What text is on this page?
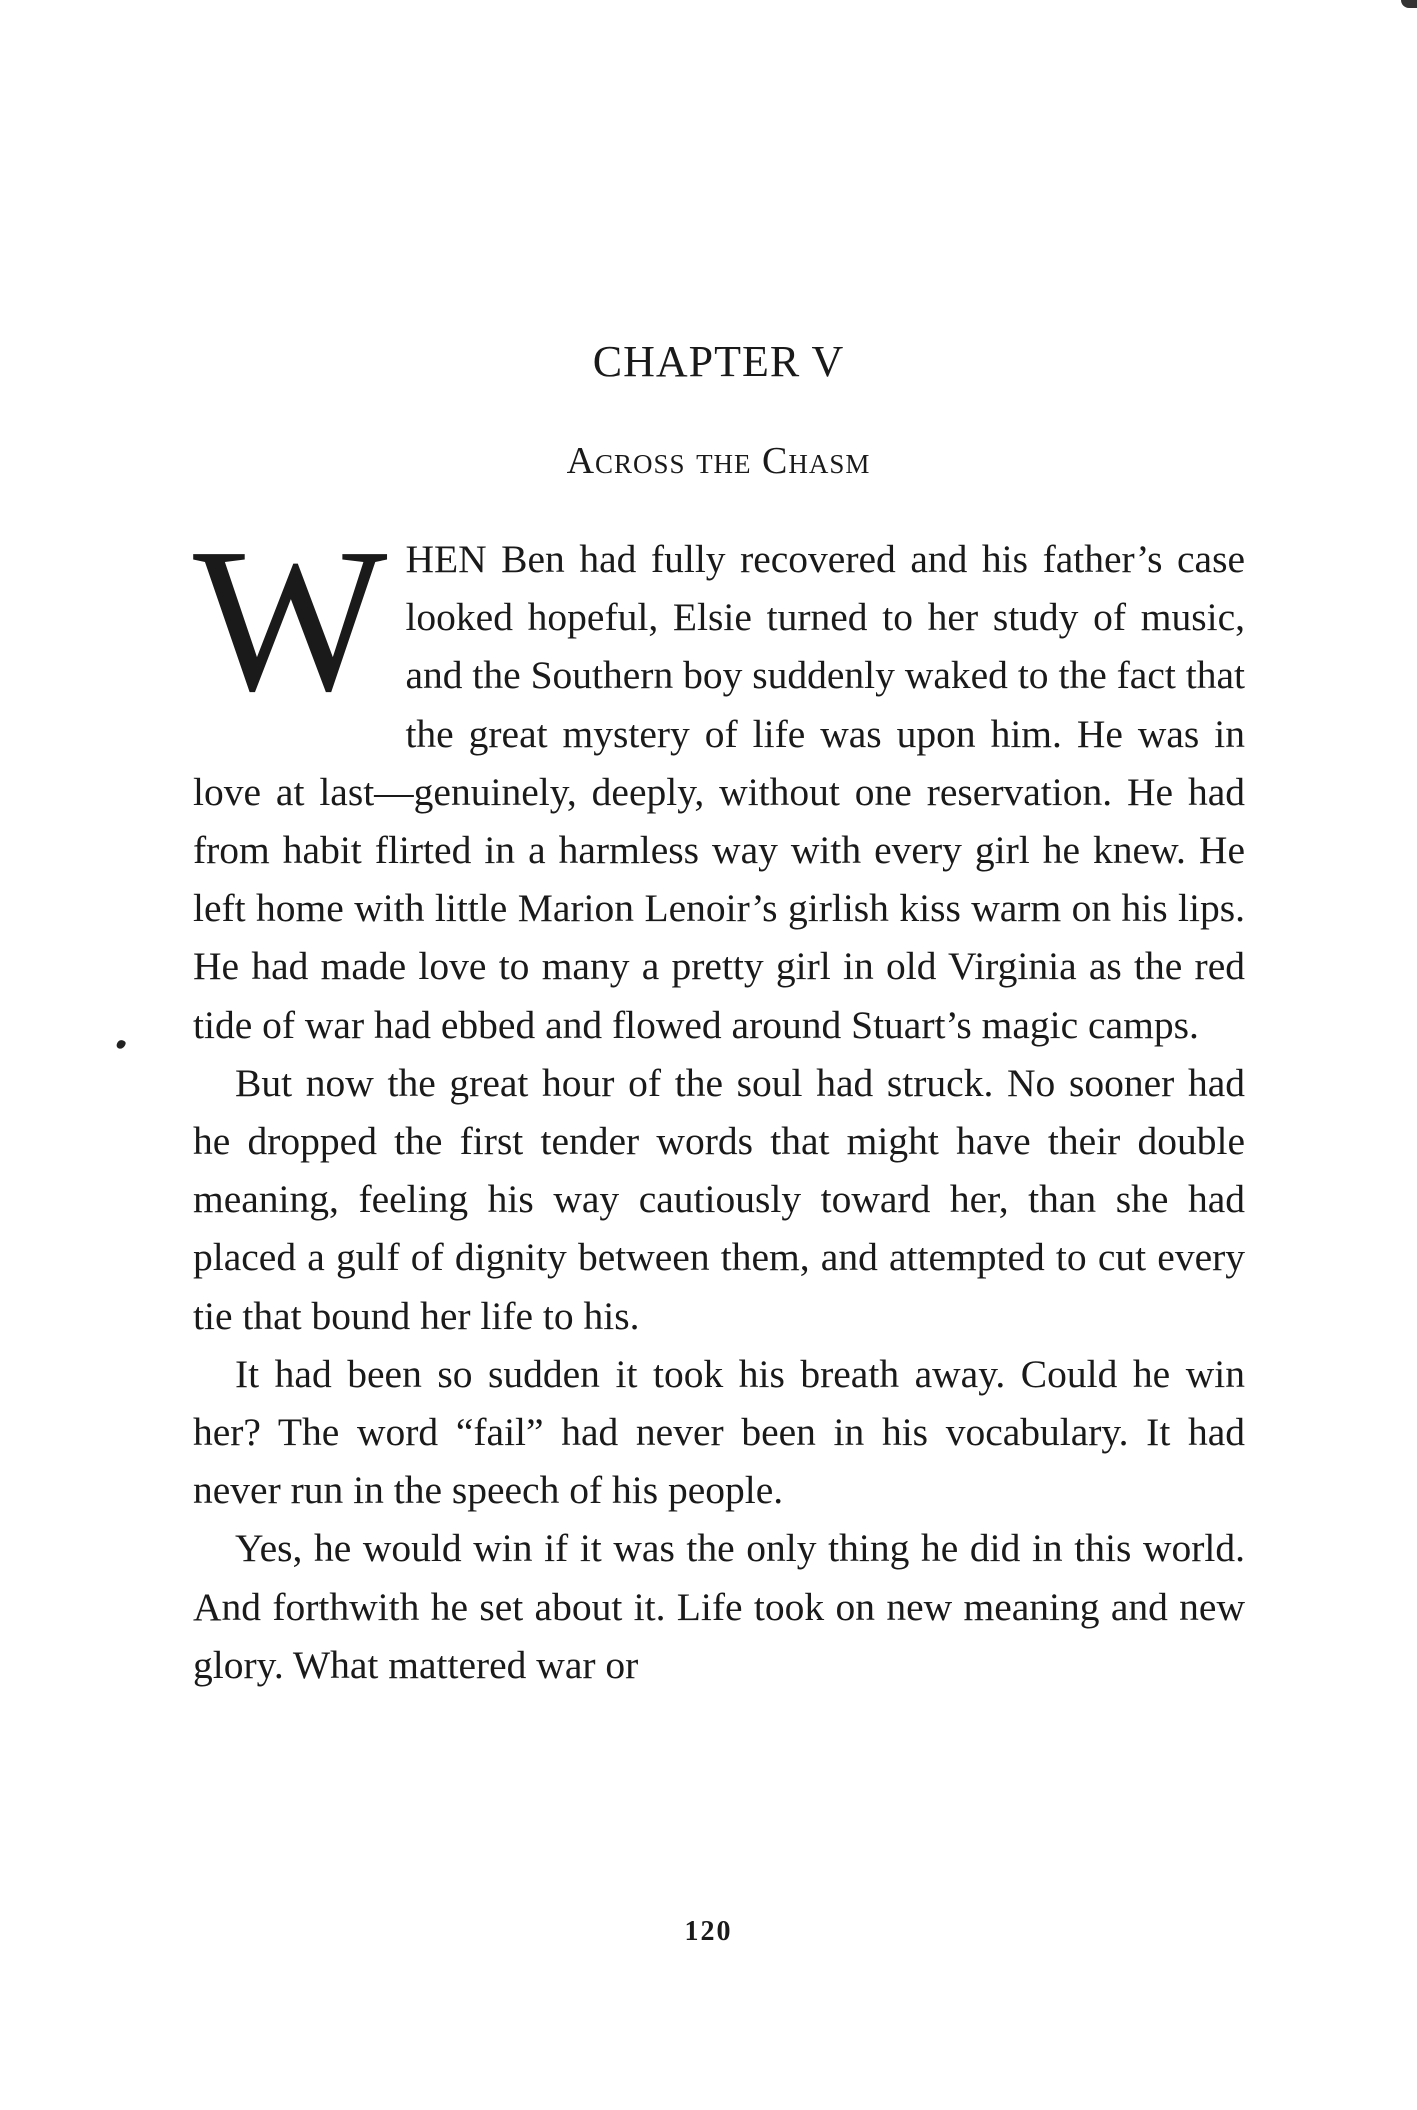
CHAPTER V
Across the Chasm

WHEN Ben had fully recovered and his father’s case looked hopeful, Elsie turned to her study of music, and the Southern boy suddenly waked to the fact that the great mystery of life was upon him. He was in love at last—genuinely, deeply, without one reservation. He had from habit flirted in a harmless way with every girl he knew. He left home with little Marion Lenoir’s girlish kiss warm on his lips. He had made love to many a pretty girl in old Virginia as the red tide of war had ebbed and flowed around Stuart’s magic camps.

But now the great hour of the soul had struck. No sooner had he dropped the first tender words that might have their double meaning, feeling his way cautiously toward her, than she had placed a gulf of dignity between them, and attempted to cut every tie that bound her life to his.

It had been so sudden it took his breath away. Could he win her? The word “fail” had never been in his vocabulary. It had never run in the speech of his people.

Yes, he would win if it was the only thing he did in this world. And forthwith he set about it. Life took on new meaning and new glory. What mattered war or

120
